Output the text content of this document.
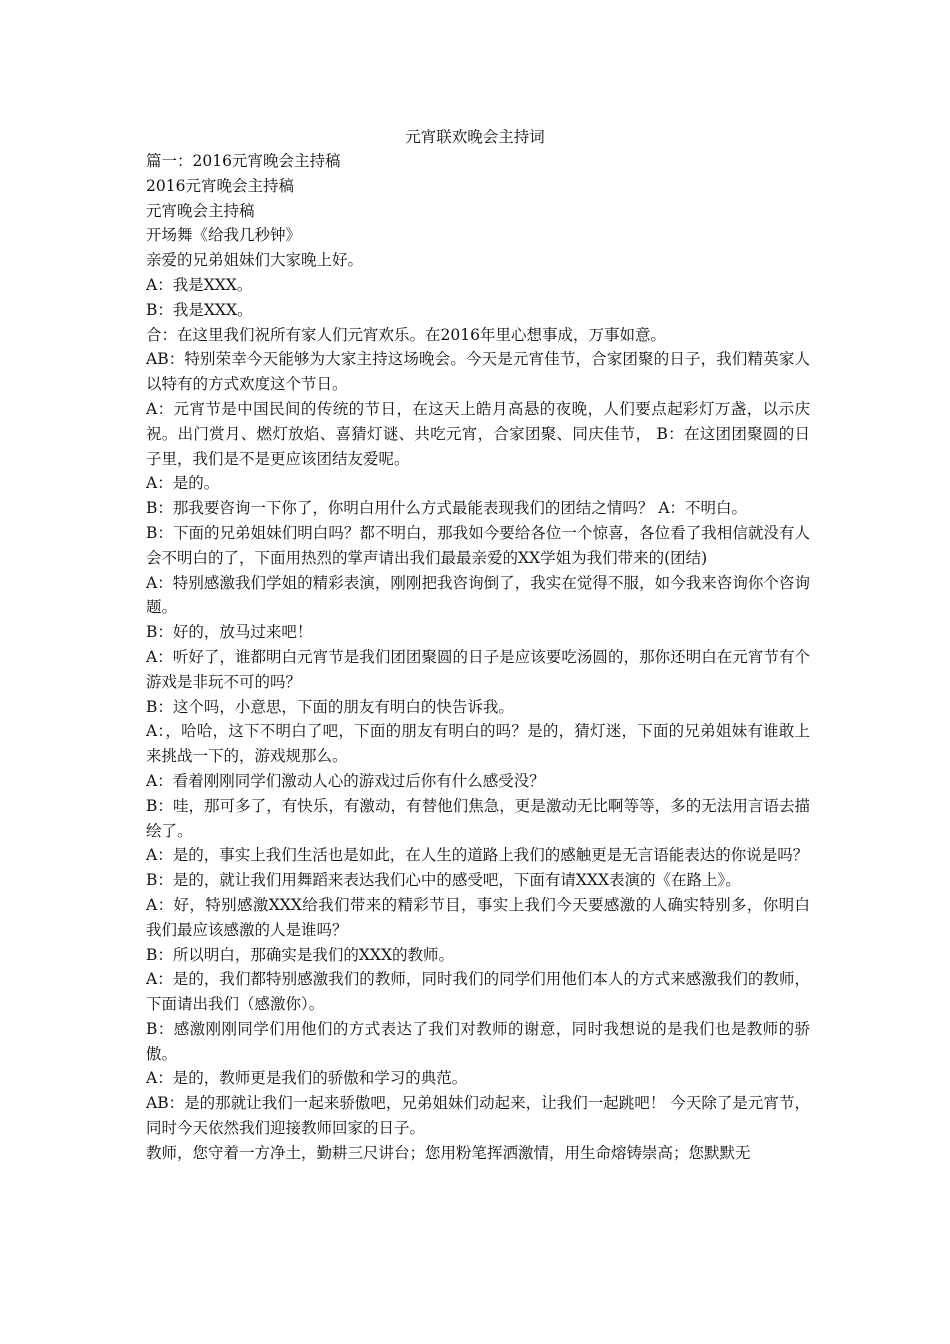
元宵联欢晚会主持词

篇一：2016元宵晚会主持稿

2016元宵晚会主持稿

元宵晚会主持稿

开场舞《给我几秒钟》

亲爱的兄弟姐妹们大家晚上好。

A：我是XXX。

B：我是XXX。

合：在这里我们祝所有家人们元宵欢乐。在2016年里心想事成，万事如意。

AB：特别荣幸今天能够为大家主持这场晚会。今天是元宵佳节，合家团聚的日子，我们精英家人以特有的方式欢度这个节日。

A：元宵节是中国民间的传统的节日，在这天上皓月高悬的夜晚，人们要点起彩灯万盏，以示庆祝。出门赏月、燃灯放焰、喜猜灯谜、共吃元宵，合家团聚、同庆佳节， B：在这团团聚圆的日子里，我们是不是更应该团结友爱呢。

A：是的。

B：那我要咨询一下你了，你明白用什么方式最能表现我们的团结之情吗？ A：不明白。

B：下面的兄弟姐妹们明白吗？都不明白，那我如今要给各位一个惊喜，各位看了我相信就没有人会不明白的了，下面用热烈的掌声请出我们最最亲爱的XX学姐为我们带来的(团结)

A：特别感激我们学姐的精彩表演，刚刚把我咨询倒了，我实在觉得不服，如今我来咨询你个咨询题。

B：好的，放马过来吧！

A：听好了，谁都明白元宵节是我们团团聚圆的日子是应该要吃汤圆的，那你还明白在元宵节有个游戏是非玩不可的吗？

B：这个吗，小意思，下面的朋友有明白的快告诉我。

A：，哈哈，这下不明白了吧，下面的朋友有明白的吗？是的，猜灯迷，下面的兄弟姐妹有谁敢上来挑战一下的，游戏规那么。

A：看着刚刚同学们激动人心的游戏过后你有什么感受没？

B：哇，那可多了，有快乐，有激动，有替他们焦急，更是激动无比啊等等，多的无法用言语去描绘了。

A：是的，事实上我们生活也是如此，在人生的道路上我们的感触更是无言语能表达的你说是吗？

B：是的，就让我们用舞蹈来表达我们心中的感受吧，下面有请XXX表演的《在路上》。

A：好，特别感激XXX给我们带来的精彩节目，事实上我们今天要感激的人确实特别多，你明白我们最应该感激的人是谁吗？

B：所以明白，那确实是我们的XXX的教师。

A：是的，我们都特别感激我们的教师，同时我们的同学们用他们本人的方式来感激我们的教师，下面请出我们（感激你）。

B：感激刚刚同学们用他们的方式表达了我们对教师的谢意，同时我想说的是我们也是教师的骄傲。

A：是的，教师更是我们的骄傲和学习的典范。

AB：是的那就让我们一起来骄傲吧，兄弟姐妹们动起来，让我们一起跳吧！ 今天除了是元宵节，同时今天依然我们迎接教师回家的日子。

教师，您守着一方净土，勤耕三尺讲台；您用粉笔挥洒激情，用生命熔铸崇高；您默默无
